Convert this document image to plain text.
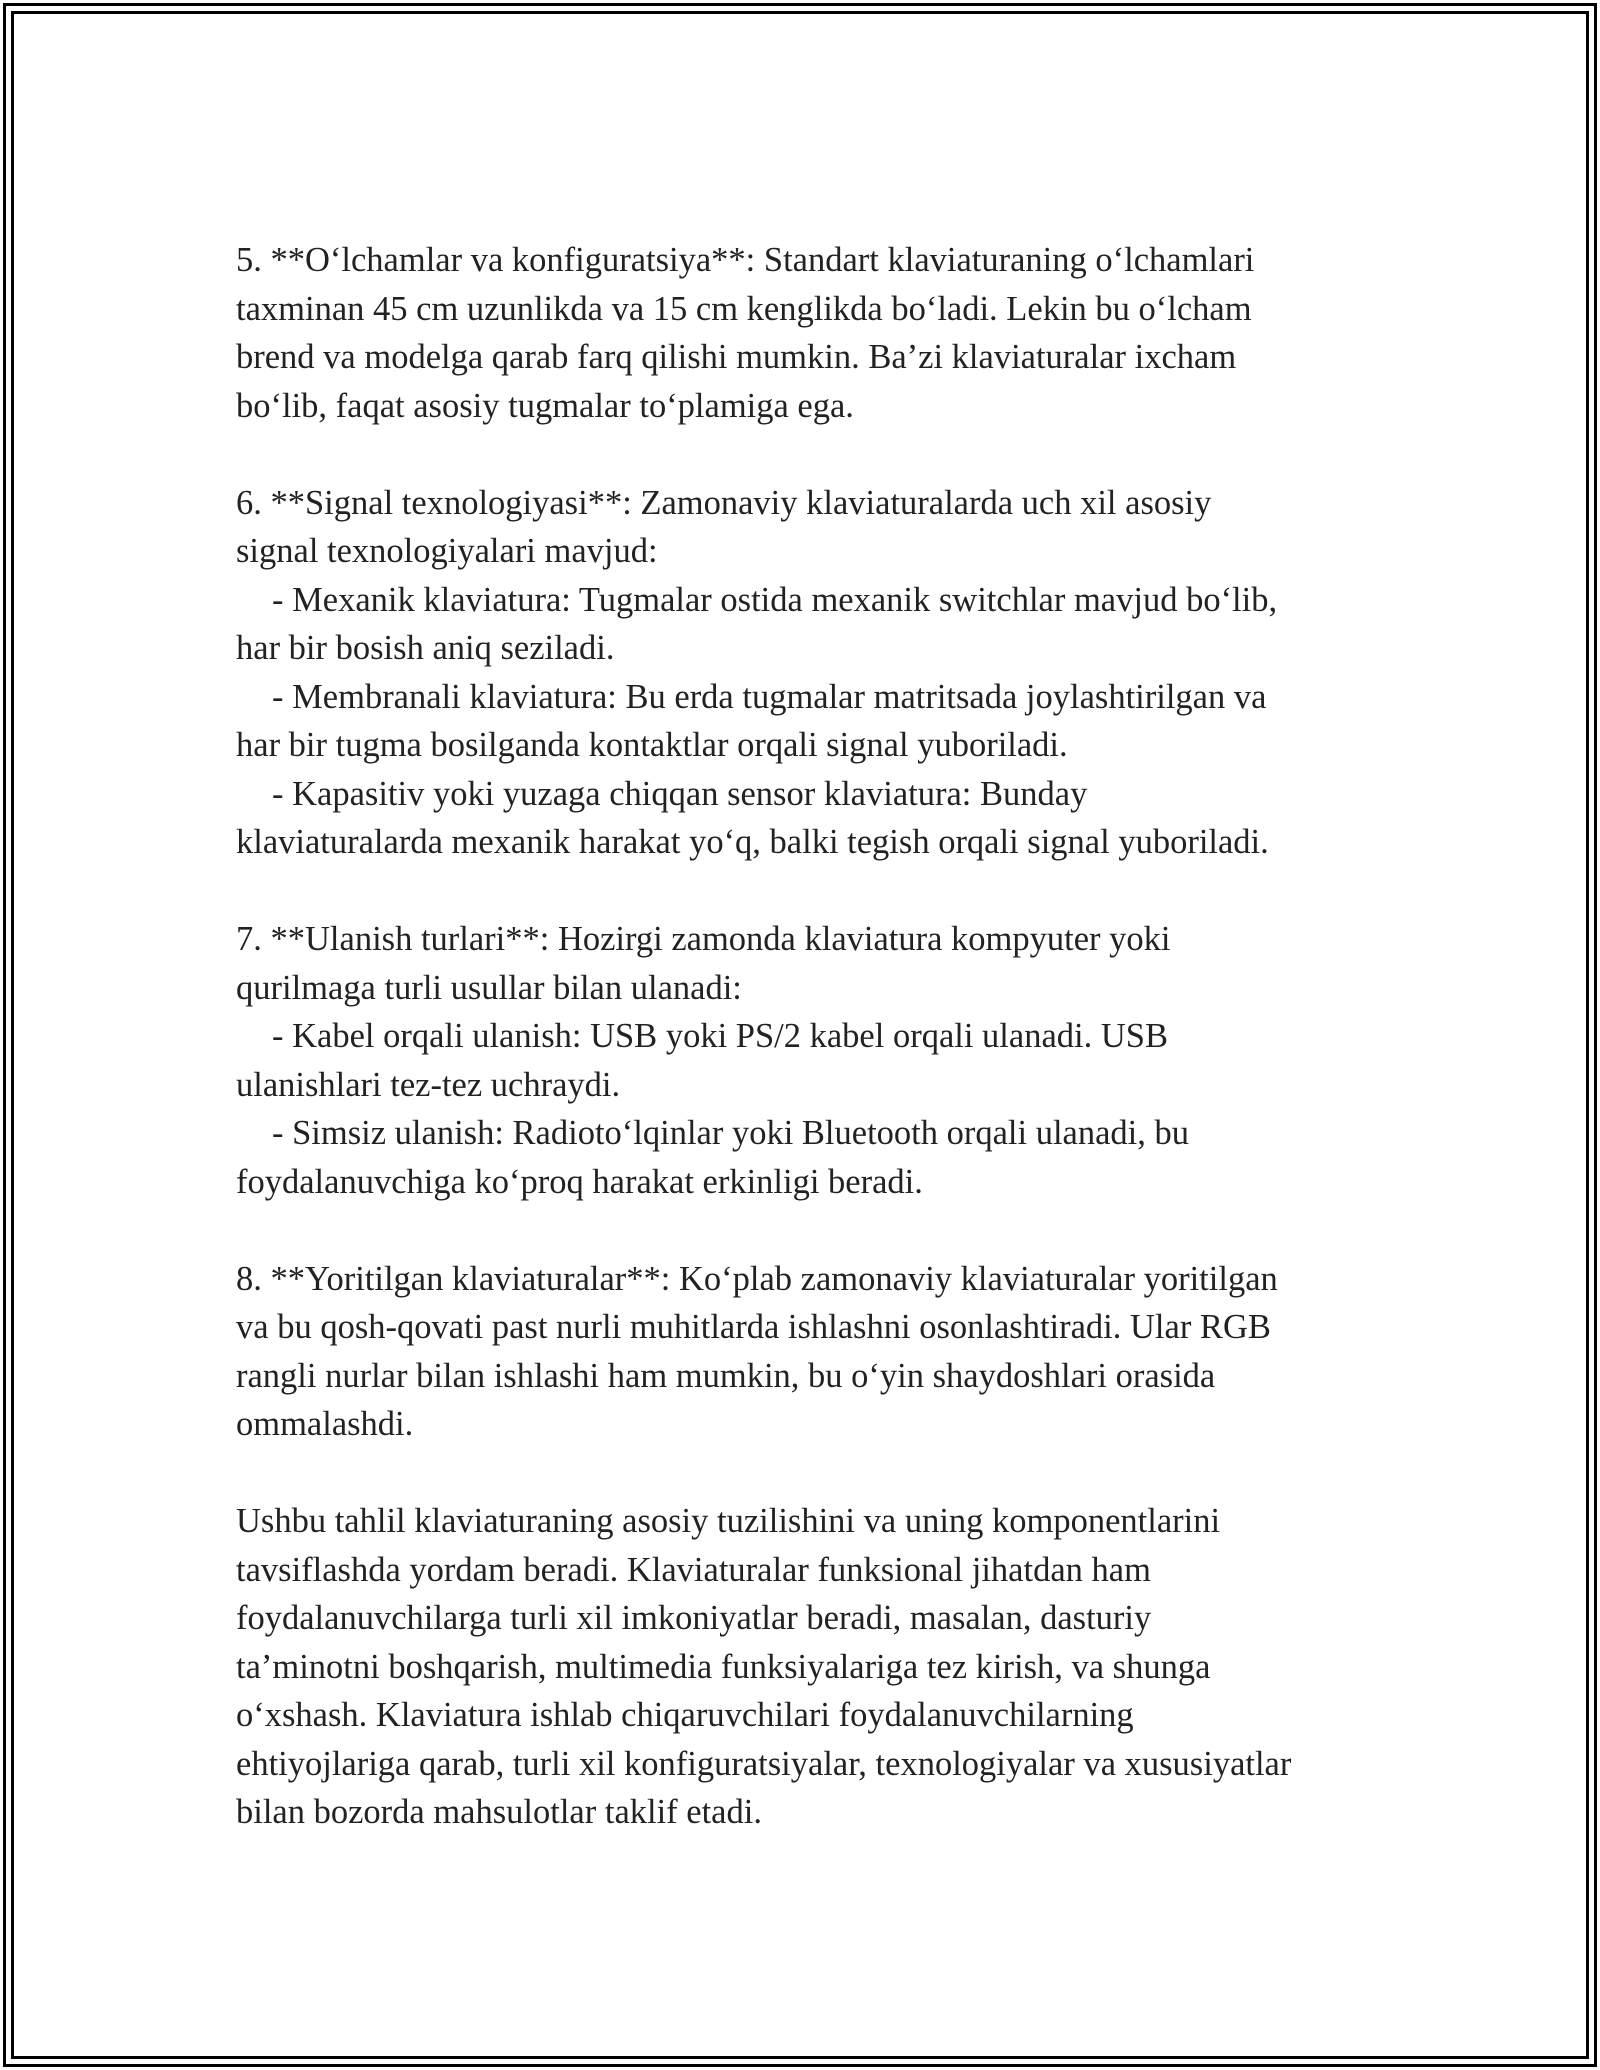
5. **O‘lchamlar va konfiguratsiya**: Standart klaviaturaning o‘lchamlari
taxminan 45 cm uzunlikda va 15 cm kenglikda bo‘ladi. Lekin bu o‘lcham
brend va modelga qarab farq qilishi mumkin. Ba’zi klaviaturalar ixcham
bo‘lib, faqat asosiy tugmalar to‘plamiga ega.
6. **Signal texnologiyasi**: Zamonaviy klaviaturalarda uch xil asosiy
signal texnologiyalari mavjud:
- Mexanik klaviatura: Tugmalar ostida mexanik switchlar mavjud bo‘lib,
har bir bosish aniq seziladi.
- Membranali klaviatura: Bu erda tugmalar matritsada joylashtirilgan va
har bir tugma bosilganda kontaktlar orqali signal yuboriladi.
- Kapasitiv yoki yuzaga chiqqan sensor klaviatura: Bunday
klaviaturalarda mexanik harakat yo‘q, balki tegish orqali signal yuboriladi.
7. **Ulanish turlari**: Hozirgi zamonda klaviatura kompyuter yoki
qurilmaga turli usullar bilan ulanadi:
- Kabel orqali ulanish: USB yoki PS/2 kabel orqali ulanadi. USB
ulanishlari tez-tez uchraydi.
- Simsiz ulanish: Radioto‘lqinlar yoki Bluetooth orqali ulanadi, bu
foydalanuvchiga ko‘proq harakat erkinligi beradi.
8. **Yoritilgan klaviaturalar**: Ko‘plab zamonaviy klaviaturalar yoritilgan
va bu qosh-qovati past nurli muhitlarda ishlashni osonlashtiradi. Ular RGB
rangli nurlar bilan ishlashi ham mumkin, bu o‘yin shaydoshlari orasida
ommalashdi.
Ushbu tahlil klaviaturaning asosiy tuzilishini va uning komponentlarini
tavsiflashda yordam beradi. Klaviaturalar funksional jihatdan ham
foydalanuvchilarga turli xil imkoniyatlar beradi, masalan, dasturiy
ta’minotni boshqarish, multimedia funksiyalariga tez kirish, va shunga
o‘xshash. Klaviatura ishlab chiqaruvchilari foydalanuvchilarning
ehtiyojlariga qarab, turli xil konfiguratsiyalar, texnologiyalar va xususiyatlar
bilan bozorda mahsulotlar taklif etadi.
